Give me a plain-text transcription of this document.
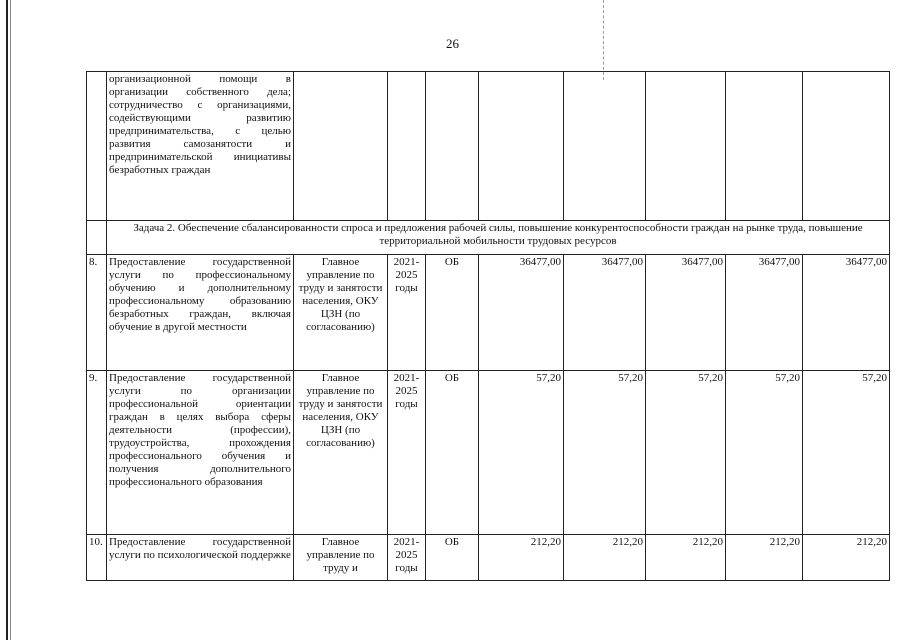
26
	организационной помощи в организации собственного дела; сотрудничество с организациями, содействующими развитию предпринимательства, с целью развития самозанятости и предпринимательской инициативы безработных граждан								
	Задача 2. Обеспечение сбалансированности спроса и предложения рабочей силы, повышение конкурентоспособности граждан на рынке труда, повышение территориальной мобильности трудовых ресурсов								
8.	Предоставление государственной услуги по профессиональному обучению и дополнительному профессиональному образованию безработных граждан, включая обучение в другой местности	Главное управление по труду и занятости населения, ОКУ ЦЗН (по согласованию)	2021-2025 годы	ОБ	36477,00	36477,00	36477,00	36477,00	36477,00
9.	Предоставление государственной услуги по организации профессиональной ориентации граждан в целях выбора сферы деятельности (профессии), трудоустройства, прохождения профессионального обучения и получения дополнительного профессионального образования	Главное управление по труду и занятости населения, ОКУ ЦЗН (по согласованию)	2021-2025 годы	ОБ	57,20	57,20	57,20	57,20	57,20
10.	Предоставление государственной услуги по психологической поддержке	Главное управление по труду и	2021-2025 годы	ОБ	212,20	212,20	212,20	212,20	212,20
